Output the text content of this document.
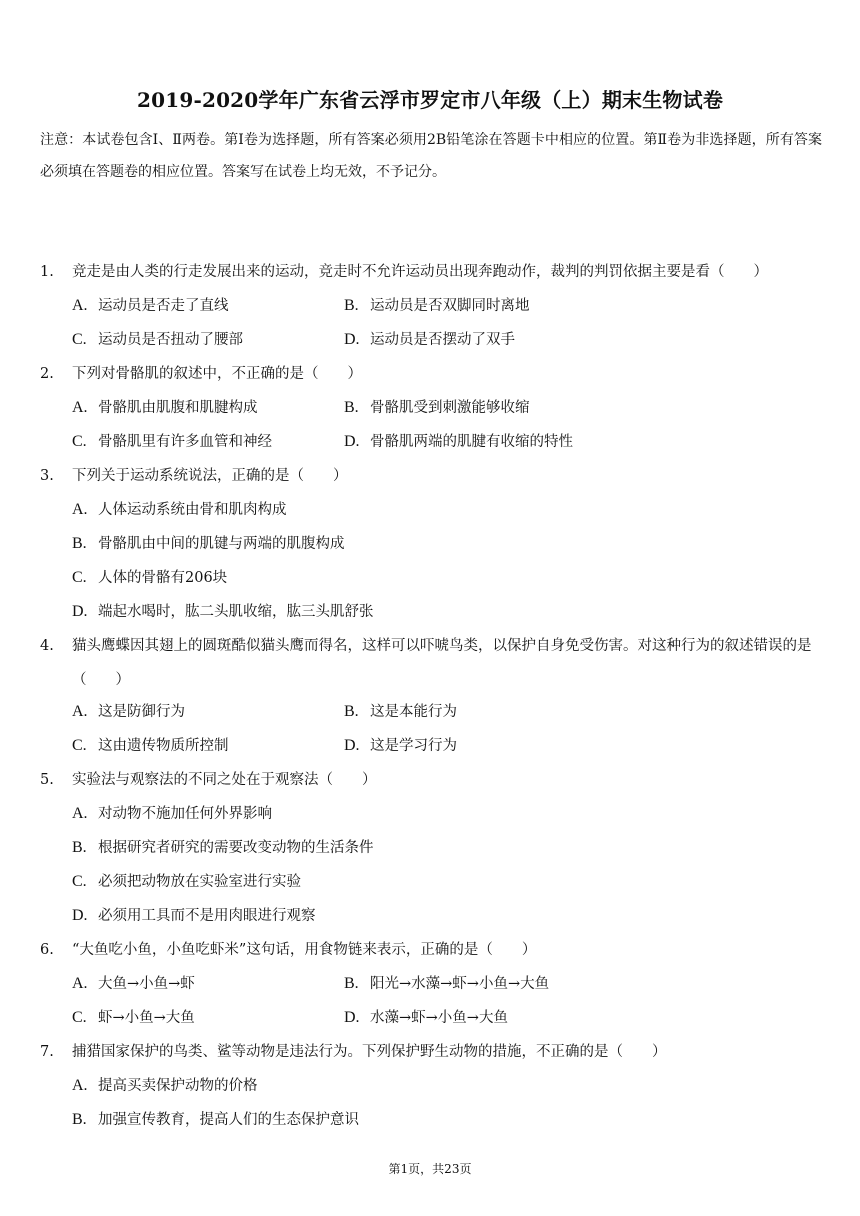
2019-2020学年广东省云浮市罗定市八年级（上）期末生物试卷
注意：本试卷包含Ⅰ、Ⅱ两卷。第Ⅰ卷为选择题，所有答案必须用2B铅笔涂在答题卡中相应的位置。第Ⅱ卷为非选择题，所有答案必须填在答题卷的相应位置。答案写在试卷上均无效，不予记分。
1.	竞走是由人类的行走发展出来的运动，竞走时不允许运动员出现奔跑动作，裁判的判罚依据主要是看（　　）
A. 运动员是否走了直线	B. 运动员是否双脚同时离地
C. 运动员是否扭动了腰部	D. 运动员是否摆动了双手
2.	下列对骨骼肌的叙述中，不正确的是（　　）
A. 骨骼肌由肌腹和肌腱构成	B. 骨骼肌受到刺激能够收缩
C. 骨骼肌里有许多血管和神经	D. 骨骼肌两端的肌腱有收缩的特性
3.	下列关于运动系统说法，正确的是（　　）
A. 人体运动系统由骨和肌肉构成
B. 骨骼肌由中间的肌键与两端的肌腹构成
C. 人体的骨骼有206块
D. 端起水喝时，肱二头肌收缩，肱三头肌舒张
4.	猫头鹰蝶因其翅上的圆斑酷似猫头鹰而得名，这样可以吓唬鸟类，以保护自身免受伤害。对这种行为的叙述错误的是（　　）
A. 这是防御行为	B. 这是本能行为
C. 这由遗传物质所控制	D. 这是学习行为
5.	实验法与观察法的不同之处在于观察法（　　）
A. 对动物不施加任何外界影响
B. 根据研究者研究的需要改变动物的生活条件
C. 必须把动物放在实验室进行实验
D. 必须用工具而不是用肉眼进行观察
6.	“大鱼吃小鱼，小鱼吃虾米”这句话，用食物链来表示，正确的是（　　）
A. 大鱼→小鱼→虾	B. 阳光→水藻→虾→小鱼→大鱼
C. 虾→小鱼→大鱼	D. 水藻→虾→小鱼→大鱼
7.	捕猎国家保护的鸟类、鲨等动物是违法行为。下列保护野生动物的措施，不正确的是（　　）
A. 提高买卖保护动物的价格
B. 加强宣传教育，提高人们的生态保护意识
第1页，共23页
